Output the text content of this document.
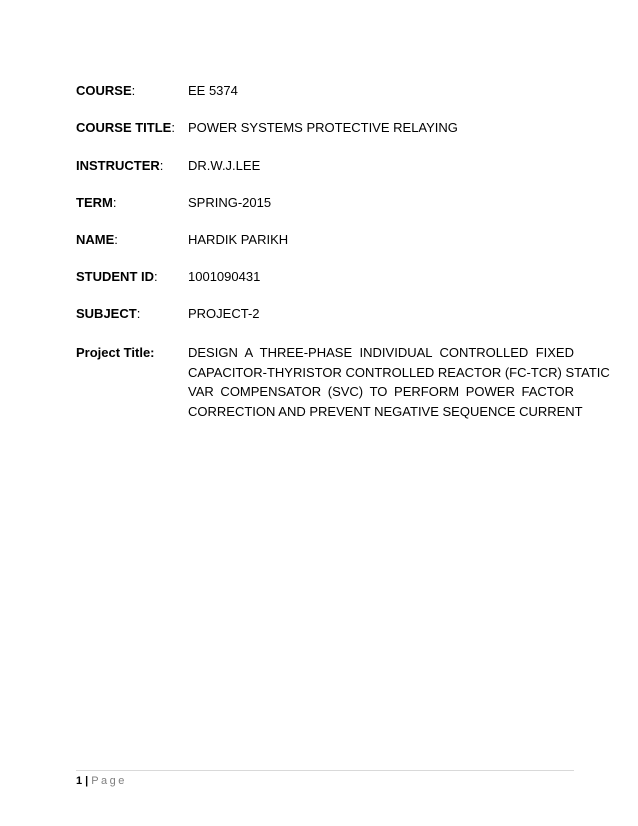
COURSE:	EE 5374
COURSE TITLE:	POWER SYSTEMS PROTECTIVE RELAYING
INSTRUCTER:	DR.W.J.LEE
TERM:	SPRING-2015
NAME:	HARDIK PARIKH
STUDENT ID:	1001090431
SUBJECT:	PROJECT-2
Project Title:	DESIGN A THREE-PHASE INDIVIDUAL CONTROLLED FIXED
CAPACITOR-THYRISTOR CONTROLLED REACTOR (FC-TCR) STATIC
VAR COMPENSATOR (SVC) TO PERFORM POWER FACTOR
CORRECTION AND PREVENT NEGATIVE SEQUENCE CURRENT
1 | Page
